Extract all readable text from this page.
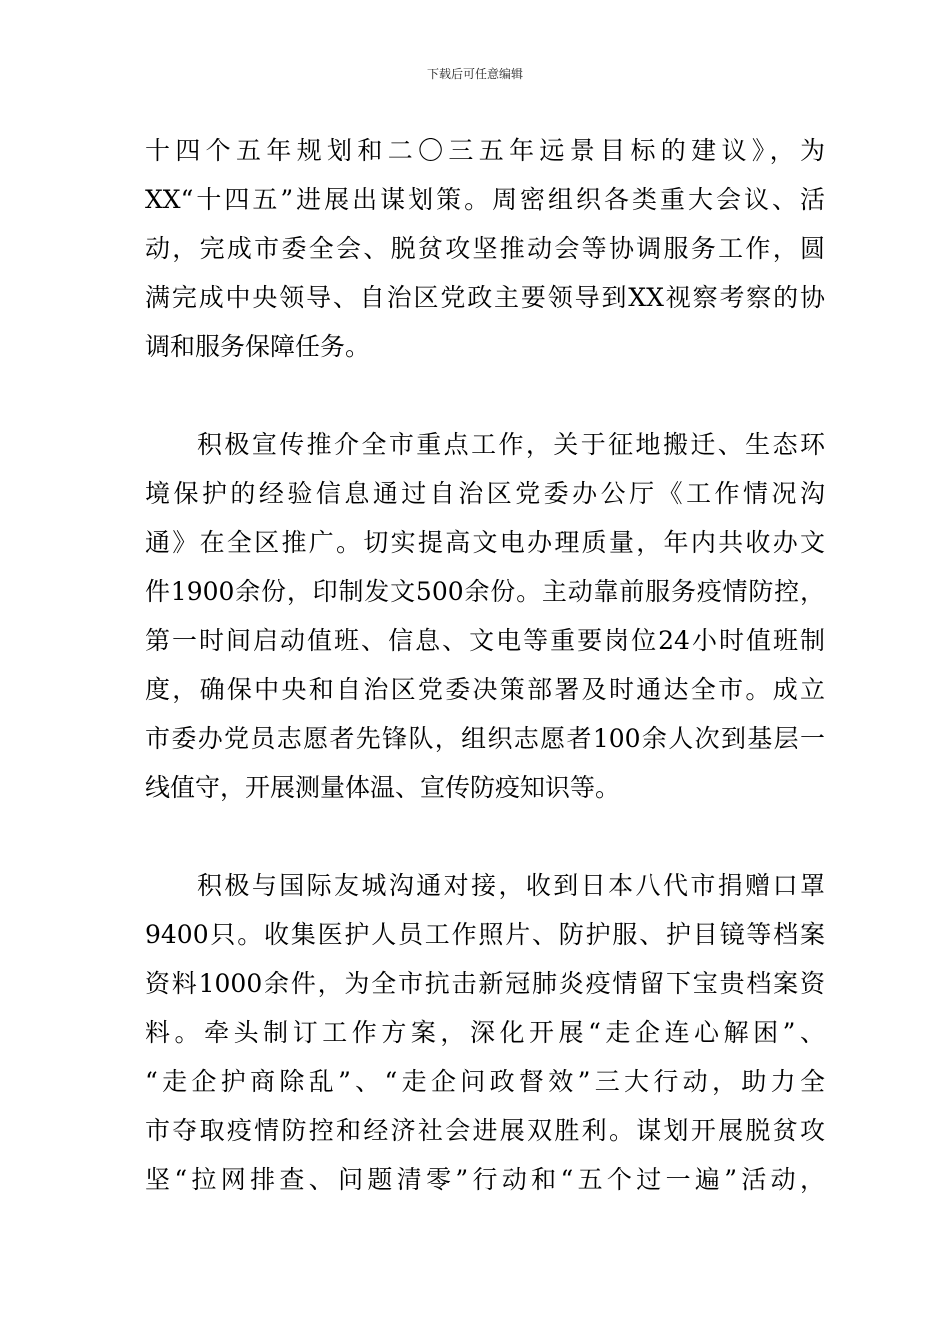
下载后可任意编辑
十四个五年规划和二〇三五年远景目标的建议》，为
XX“十四五”进展出谋划策。周密组织各类重大会议、活
动，完成市委全会、脱贫攻坚推动会等协调服务工作，圆
满完成中央领导、自治区党政主要领导到XX视察考察的协
调和服务保障任务。
积极宣传推介全市重点工作，关于征地搬迁、生态环
境保护的经验信息通过自治区党委办公厅《工作情况沟
通》在全区推广。切实提高文电办理质量，年内共收办文
件1900余份，印制发文500余份。主动靠前服务疫情防控，
第一时间启动值班、信息、文电等重要岗位24小时值班制
度，确保中央和自治区党委决策部署及时通达全市。成立
市委办党员志愿者先锋队，组织志愿者100余人次到基层一
线值守，开展测量体温、宣传防疫知识等。
积极与国际友城沟通对接，收到日本八代市捐赠口罩
9400只。收集医护人员工作照片、防护服、护目镜等档案
资料1000余件，为全市抗击新冠肺炎疫情留下宝贵档案资
料。牵头制订工作方案，深化开展“走企连心解困”、
“走企护商除乱”、“走企问政督效”三大行动，助力全
市夺取疫情防控和经济社会进展双胜利。谋划开展脱贫攻
坚“拉网排查、问题清零”行动和“五个过一遍”活动，
